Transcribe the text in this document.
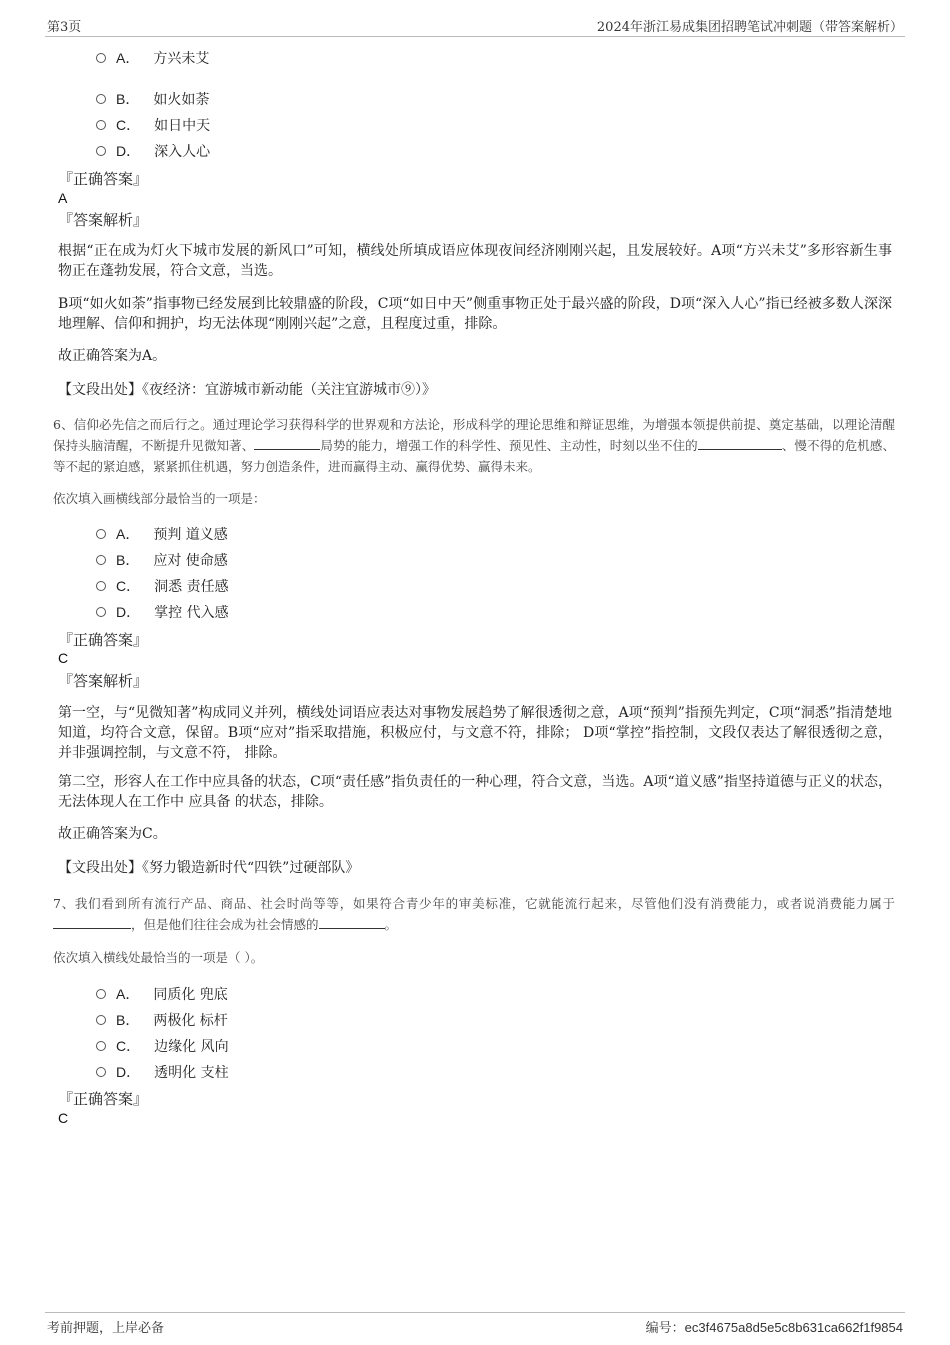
第3页	2024年浙江易成集团招聘笔试冲刺题（带答案解析）
A． 方兴未艾
B． 如火如荼
C． 如日中天
D． 深入人心
『正确答案』
A
『答案解析』
根据“正在成为灯火下城市发展的新风口”可知，横线处所填成语应体现夜间经济刚刚兴起，且发展较好。A项“方兴未艾”多形容新生事物正在蓬勃发展，符合文意，当选。
B项“如火如荼”指事物已经发展到比较鼎盛的阶段，C项“如日中天”侧重事物正处于最兴盛的阶段，D项“深入人心”指已经被多数人深深地理解、信仰和拥护，均无法体现“刚刚兴起”之意，且程度过重，排除。
故正确答案为A。
【文段出处】《夜经济：宜游城市新动能（关注宜游城市⑨）》
6、信仰必先信之而后行之。通过理论学习获得科学的世界观和方法论，形成科学的理论思维和辩证思维，为增强本领提供前提、奠定基础，以理论清醒保持头脑清醒，不断提升见微知著、	局势的能力，增强工作的科学性、预见性、主动性，时刻以坐不住的	、慢不得的危机感、等不起的紧迫感，紧紧抓住机遇，努力创造条件，进而赢得主动、赢得优势、赢得未来。
依次填入画横线部分最恰当的一项是：
A． 预判 道义感
B． 应对 使命感
C． 洞悉 责任感
D． 掌控 代入感
『正确答案』
C
『答案解析』
第一空，与“见微知著”构成同义并列，横线处词语应表达对事物发展趋势了解很透彻之意，A项“预判”指预先判定，C项“洞悉”指清楚地知道，均符合文意，保留。B项“应对”指采取措施，积极应付，与文意不符，排除； D项“掌控”指控制，文段仅表达了解很透彻之意，并非强调控制，与文意不符， 排除。
第二空，形容人在工作中应具备的状态，C项“责任感”指负责任的一种心理，符合文意，当选。A项“道义感”指坚持道德与正义的状态，无法体现人在工作中 应具备 的状态，排除。
故正确答案为C。
【文段出处】《努力锻造新时代“四铁”过硬部队》
7、我们看到所有流行产品、商品、社会时尚等等，如果符合青少年的审美标准，它就能流行起来，尽管他们没有消费能力，或者说消费能力属于，但是他们往往会成为社会情感的	。
依次填入横线处最恰当的一项是（ ）。
A． 同质化 兜底
B． 两极化 标杆
C． 边缘化 风向
D． 透明化 支柱
『正确答案』
C
考前押题，上岸必备	编号：ec3f4675a8d5e5c8b631ca662f1f9854
